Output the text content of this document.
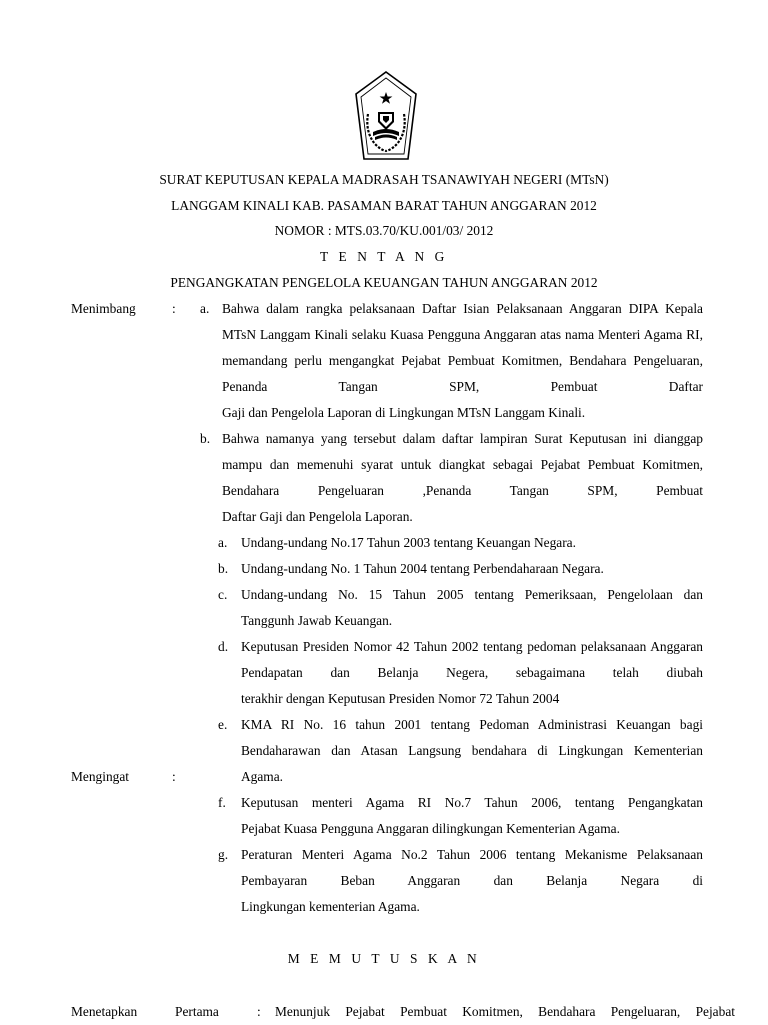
SURAT KEPUTUSAN KEPALA MADRASAH TSANAWIYAH NEGERI (MTsN)
LANGGAM KINALI KAB. PASAMAN BARAT TAHUN ANGGARAN 2012
NOMOR : MTS.03.70/KU.001/03/ 2012
T E N T A N G
PENGANGKATAN PENGELOLA KEUANGAN TAHUN ANGGARAN 2012
Menimbang	: a. Bahwa dalam rangka pelaksanaan Daftar Isian Pelaksanaan Anggaran DIPA Kepala MTsN Langgam Kinali selaku Kuasa Pengguna Anggaran atas nama Menteri Agama RI, memandang perlu mengangkat Pejabat Pembuat Komitmen, Bendahara Pengeluaran, Penanda Tangan SPM, Pembuat Daftar
Gaji dan Pengelola Laporan di Lingkungan MTsN Langgam Kinali.
b. Bahwa namanya yang tersebut dalam daftar lampiran Surat Keputusan ini dianggap mampu dan memenuhi syarat untuk diangkat sebagai Pejabat Pembuat Komitmen, Bendahara Pengeluaran ,Penanda Tangan SPM, Pembuat
Daftar Gaji dan Pengelola Laporan.
Mengingat	:
a. Undang-undang No.17 Tahun 2003 tentang Keuangan Negara.
b. Undang-undang No. 1 Tahun 2004 tentang Perbendaharaan Negara.
c. Undang-undang No. 15 Tahun 2005 tentang Pemeriksaan, Pengelolaan dan
Tanggunh Jawab Keuangan.
d. Keputusan Presiden Nomor 42 Tahun 2002 tentang pedoman pelaksanaan Anggaran Pendapatan dan Belanja Negera, sebagaimana telah diubah
terakhir dengan Keputusan Presiden Nomor 72 Tahun 2004
e. KMA RI No. 16 tahun 2001 tentang Pedoman Administrasi Keuangan bagi Bendaharawan dan Atasan Langsung bendahara di Lingkungan Kementerian
Agama.
f. Keputusan menteri Agama RI No.7 Tahun 2006, tentang Pengangkatan
Pejabat Kuasa Pengguna Anggaran dilingkungan Kementerian Agama.
g. Peraturan Menteri Agama No.2 Tahun 2006 tentang Mekanisme Pelaksanaan Pembayaran Beban Anggaran dan Belanja Negara di
Lingkungan kementerian Agama.
M E M U T U S K A N
Menetapkan	Pertama	: Menunjuk Pejabat Pembuat Komitmen, Bendahara Pengeluaran, Pejabat
